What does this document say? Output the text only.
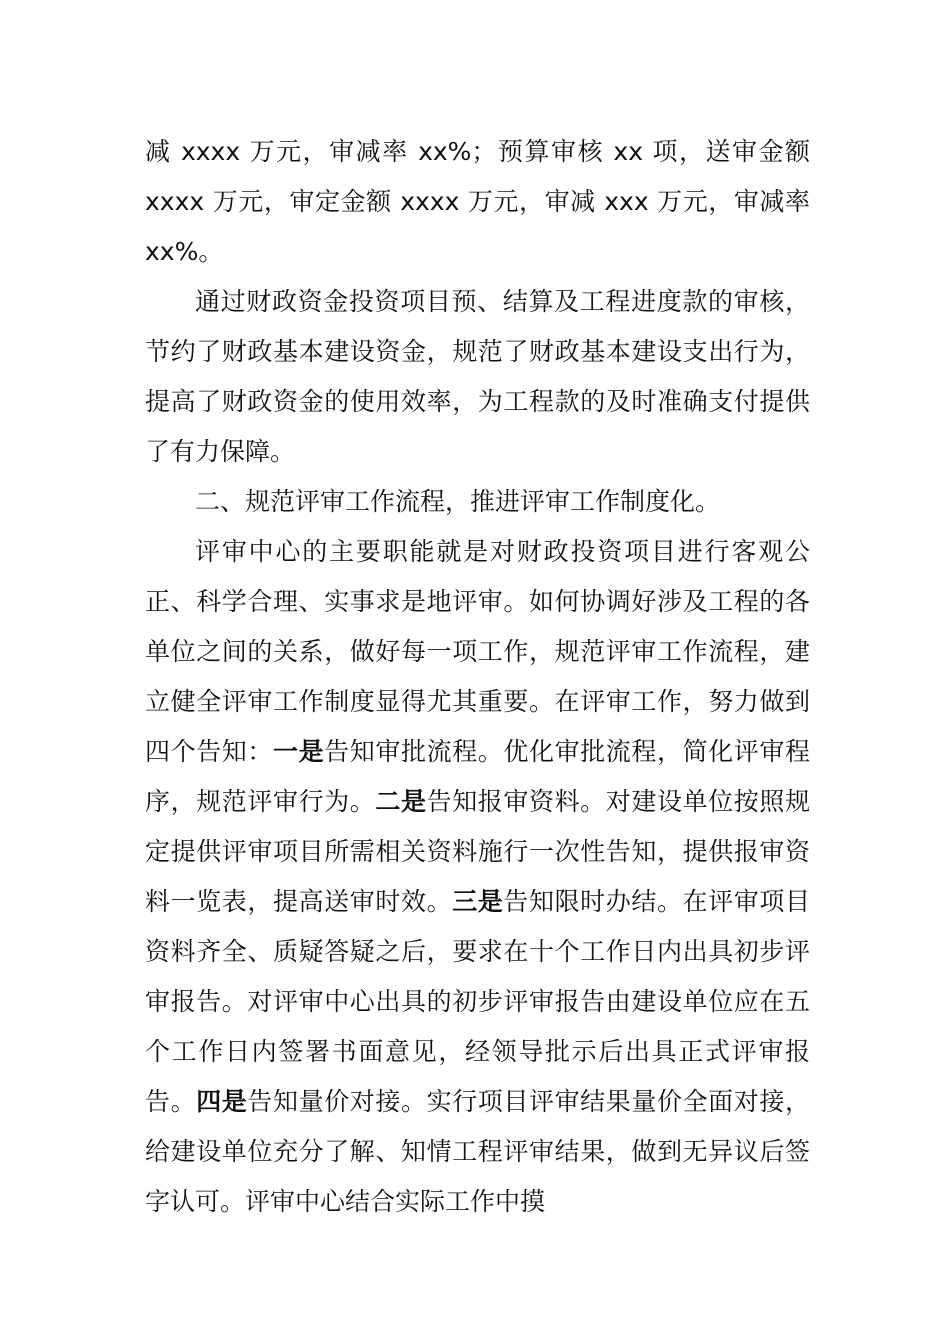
减 xxxx 万元，审减率 xx%；预算审核 xx 项，送审金额 xxxx 万元，审定金额 xxxx 万元，审减 xxx 万元，审减率 xx%。

通过财政资金投资项目预、结算及工程进度款的审核，节约了财政基本建设资金，规范了财政基本建设支出行为，提高了财政资金的使用效率，为工程款的及时准确支付提供了有力保障。

二、规范评审工作流程，推进评审工作制度化。

评审中心的主要职能就是对财政投资项目进行客观公正、科学合理、实事求是地评审。如何协调好涉及工程的各单位之间的关系，做好每一项工作，规范评审工作流程，建立健全评审工作制度显得尤其重要。在评审工作，努力做到四个告知：一是告知审批流程。优化审批流程，简化评审程序，规范评审行为。二是告知报审资料。对建设单位按照规定提供评审项目所需相关资料施行一次性告知，提供报审资料一览表，提高送审时效。三是告知限时办结。在评审项目资料齐全、质疑答疑之后，要求在十个工作日内出具初步评审报告。对评审中心出具的初步评审报告由建设单位应在五个工作日内签署书面意见，经领导批示后出具正式评审报告。四是告知量价对接。实行项目评审结果量价全面对接，给建设单位充分了解、知情工程评审结果，做到无异议后签字认可。评审中心结合实际工作中摸
